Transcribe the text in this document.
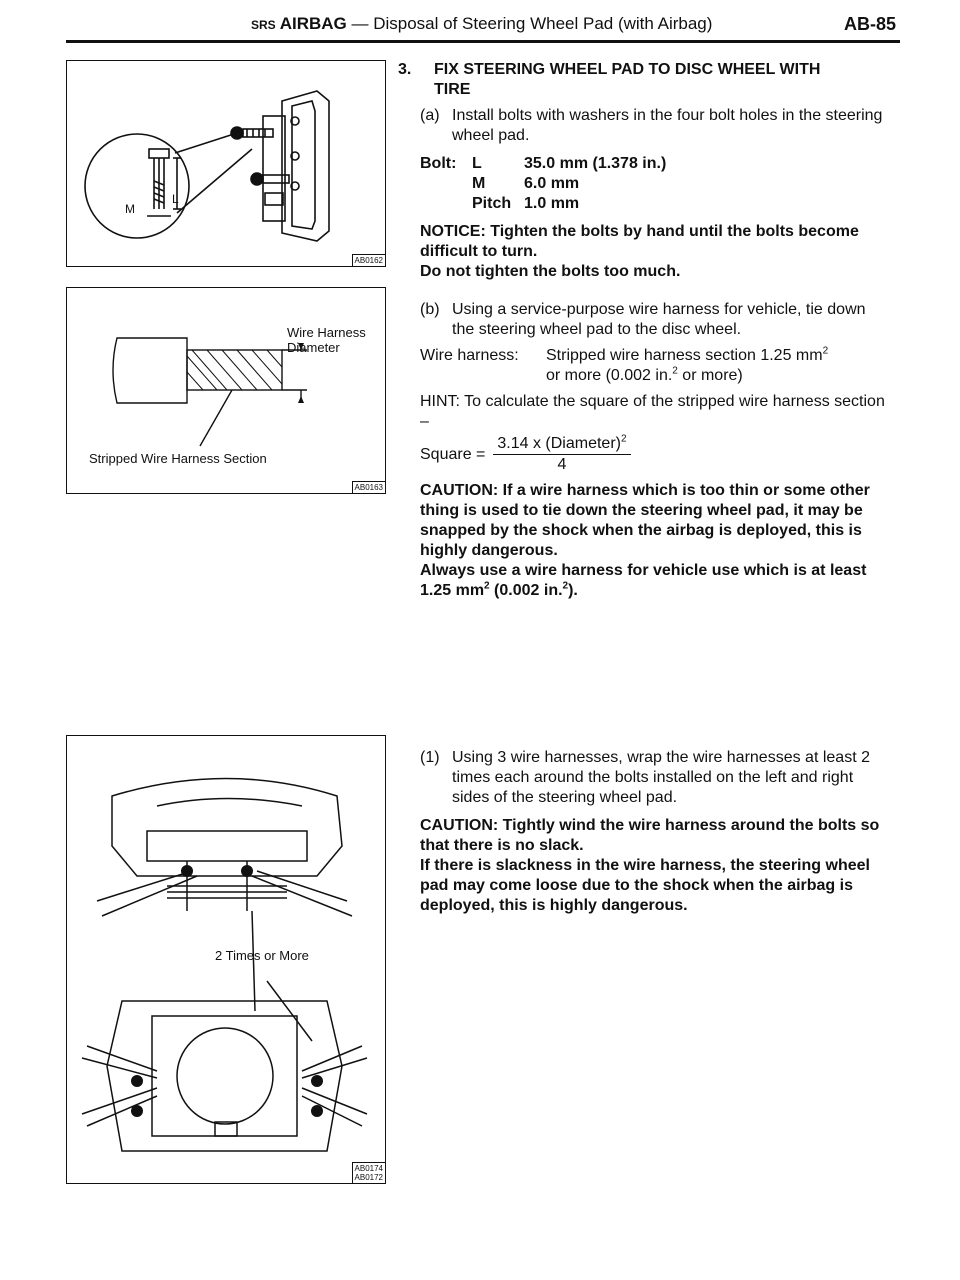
SRS AIRBAG — Disposal of Steering Wheel Pad (with Airbag)	AB-85
L
M
AB0162
Wire Harness
Diameter
Stripped Wire Harness Section
AB0163
2 Times or More
AB0174
AB0172
3.	FIX STEERING WHEEL PAD TO DISC WHEEL WITH
TIRE
(a) Install bolts with washers in the four bolt holes in the steering wheel pad.

Bolt: L	35.0 mm (1.378 in.)
M	6.0 mm
Pitch 1.0 mm

NOTICE: Tighten the bolts by hand until the bolts become difficult to turn.

Do not tighten the bolts too much.

(b) Using a service-purpose wire harness for vehicle, tie down the steering wheel pad to the disc wheel.

Wire harness:	Stripped wire harness section 1.25 $mm^2$
or more (0.002 in.$^2$ or more)

HINT: To calculate the square of the stripped wire harness section –

Square =
3.14 x (Diameter)$^2$
4

CAUTION: If a wire harness which is too thin or some other thing is used to tie down the steering wheel pad, it may be snapped by the shock when the airbag is deployed, this is highly dangerous.

Always use a wire harness for vehicle use which is at least 1.25 $mm^2$ (0.002 in.$^2$).

(1) Using 3 wire harnesses, wrap the wire harnesses at least 2 times each around the bolts installed on the left and right sides of the steering wheel pad.

CAUTION: Tightly wind the wire harness around the bolts so that there is no slack.

If there is slackness in the wire harness, the steering wheel pad may come loose due to the shock when the airbag is deployed, this is highly dangerous.
